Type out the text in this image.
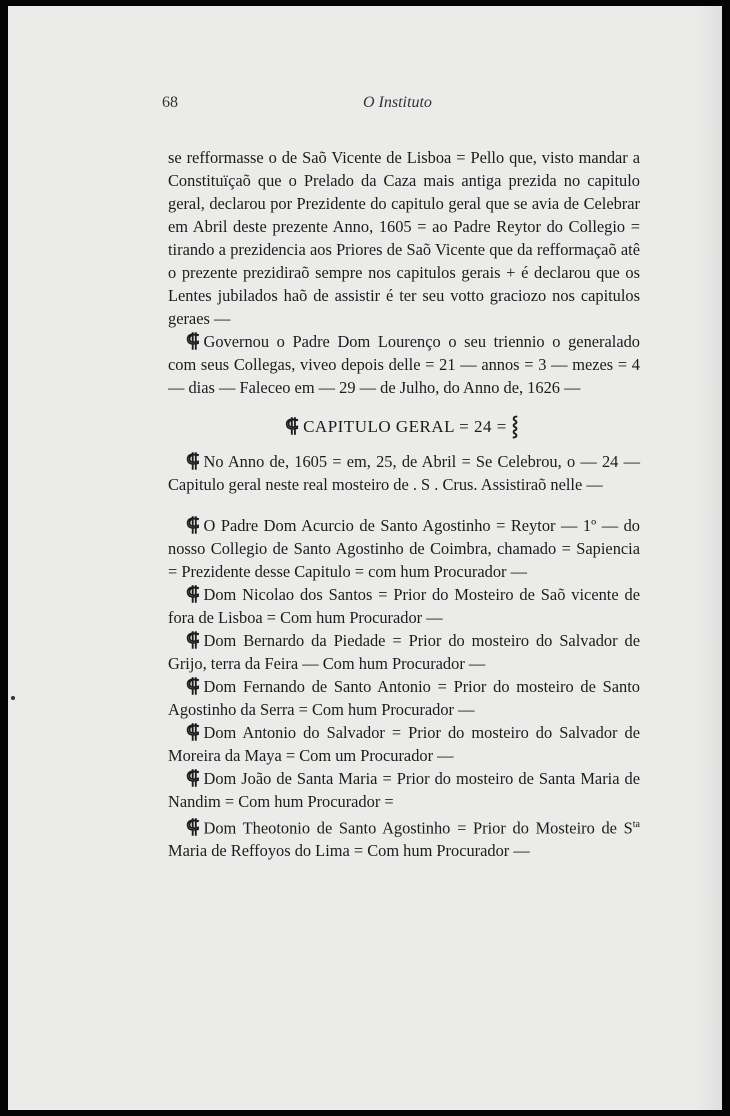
68	O Instituto

se refformasse o de Saõ Vicente de Lisboa = Pello que, visto mandar a Constituïçaõ que o Prelado da Caza mais antiga prezida no capitulo geral, declarou por Prezidente do capitulo geral que se avia de Celebrar em Abril deste prezente Anno, 1605 = ao Padre Reytor do Collegio = tirando a prezidencia aos Priores de Saõ Vicente que da refformaçaõ atê o prezente prezidiraõ sempre nos capitulos gerais + é declarou que os Lentes jubilados haõ de assistir é ter seu votto graciozo nos capitulos geraes —

⸿ Governou o Padre Dom Lourenço o seu triennio o generalado com seus Collegas, viveo depois delle = 21 — annos = 3 — mezes = 4 — dias — Faleceo em — 29 — de Julho, do Anno de, 1626 —

⸿ CAPITULO GERAL = 24 = ⸾

⸿ No Anno de, 1605 = em, 25, de Abril = Se Celebrou, o — 24 — Capitulo geral neste real mosteiro de . S . Crus. Assistiraõ nelle —

⸿ O Padre Dom Acurcio de Santo Agostinho = Reytor — 1º — do nosso Collegio de Santo Agostinho de Coimbra, chamado = Sapiencia = Prezidente desse Capitulo = com hum Procurador —

⸿ Dom Nicolao dos Santos = Prior do Mosteiro de Saõ vicente de fora de Lisboa = Com hum Procurador —

⸿ Dom Bernardo da Piedade = Prior do mosteiro do Salvador de Grijo, terra da Feira — Com hum Procurador —

⸿ Dom Fernando de Santo Antonio = Prior do mosteiro de Santo Agostinho da Serra = Com hum Procurador —

⸿ Dom Antonio do Salvador = Prior do mosteiro do Salvador de Moreira da Maya = Com um Procurador —

⸿ Dom João de Santa Maria = Prior do mosteiro de Santa Maria de Nandim = Com hum Procurador =

⸿ Dom Theotonio de Santo Agostinho = Prior do Mosteiro de $S^{ta}$ Maria de Reffoyos do Lima = Com hum Procurador —
